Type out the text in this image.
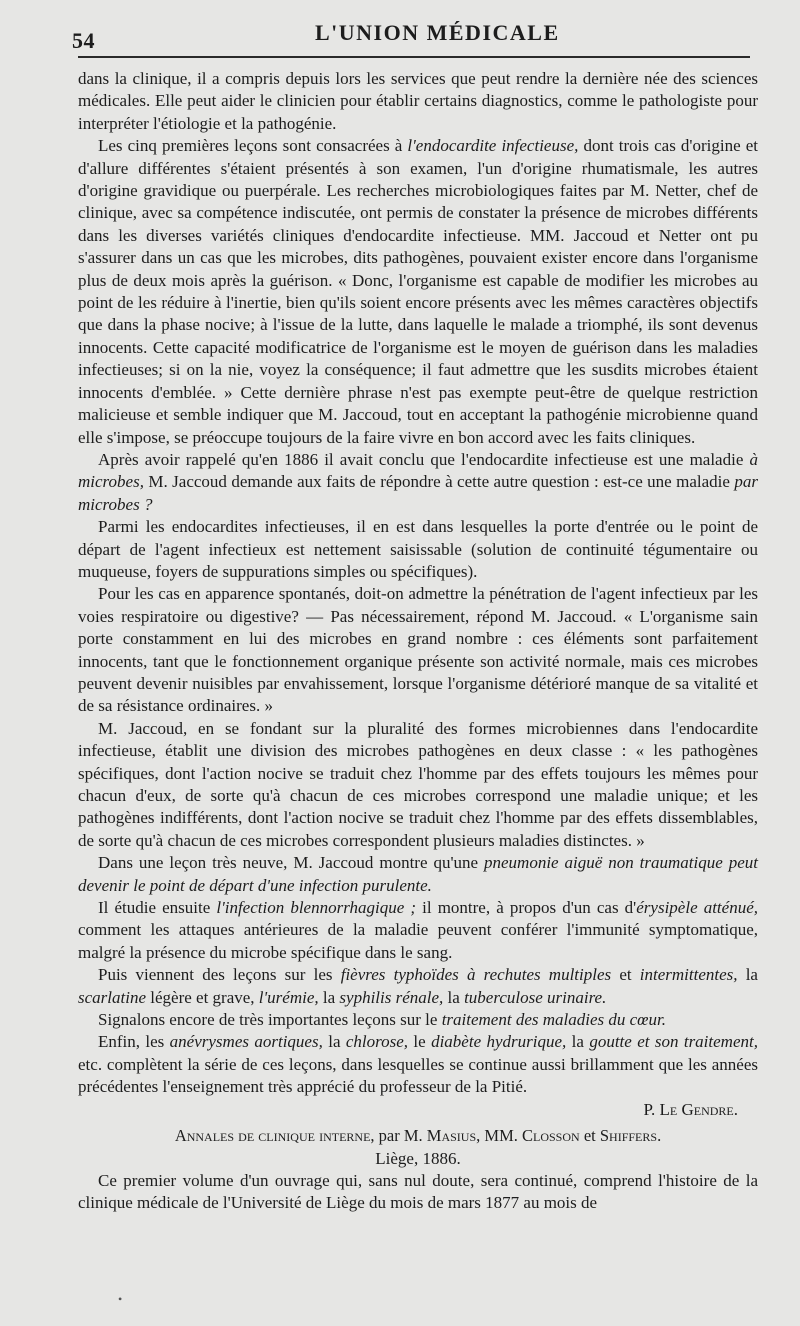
54	L'UNION MÉDICALE

dans la clinique, il a compris depuis lors les services que peut rendre la dernière née des sciences médicales. Elle peut aider le clinicien pour établir certains diagnostics, comme le pathologiste pour interpréter l'étiologie et la pathogénie.

Les cinq premières leçons sont consacrées à l'endocardite infectieuse, dont trois cas d'origine et d'allure différentes s'étaient présentés à son examen, l'un d'origine rhumatismale, les autres d'origine gravidique ou puerpérale. Les recherches microbiologiques faites par M. Netter, chef de clinique, avec sa compétence indiscutée, ont permis de constater la présence de microbes différents dans les diverses variétés cliniques d'endocardite infectieuse. MM. Jaccoud et Netter ont pu s'assurer dans un cas que les microbes, dits pathogènes, pouvaient exister encore dans l'organisme plus de deux mois après la guérison. « Donc, l'organisme est capable de modifier les microbes au point de les réduire à l'inertie, bien qu'ils soient encore présents avec les mêmes caractères objectifs que dans la phase nocive; à l'issue de la lutte, dans laquelle le malade a triomphé, ils sont devenus innocents. Cette capacité modificatrice de l'organisme est le moyen de guérison dans les maladies infectieuses; si on la nie, voyez la conséquence; il faut admettre que les susdits microbes étaient innocents d'emblée. » Cette dernière phrase n'est pas exempte peut-être de quelque restriction malicieuse et semble indiquer que M. Jaccoud, tout en acceptant la pathogénie microbienne quand elle s'impose, se préoccupe toujours de la faire vivre en bon accord avec les faits cliniques.

Après avoir rappelé qu'en 1886 il avait conclu que l'endocardite infectieuse est une maladie à microbes, M. Jaccoud demande aux faits de répondre à cette autre question : est-ce une maladie par microbes ?

Parmi les endocardites infectieuses, il en est dans lesquelles la porte d'entrée ou le point de départ de l'agent infectieux est nettement saisissable (solution de continuité tégumentaire ou muqueuse, foyers de suppurations simples ou spécifiques).

Pour les cas en apparence spontanés, doit-on admettre la pénétration de l'agent infectieux par les voies respiratoire ou digestive? — Pas nécessairement, répond M. Jaccoud. « L'organisme sain porte constamment en lui des microbes en grand nombre : ces éléments sont parfaitement innocents, tant que le fonctionnement organique présente son activité normale, mais ces microbes peuvent devenir nuisibles par envahissement, lorsque l'organisme détérioré manque de sa vitalité et de sa résistance ordinaires. »

M. Jaccoud, en se fondant sur la pluralité des formes microbiennes dans l'endocardite infectieuse, établit une division des microbes pathogènes en deux classe : « les pathogènes spécifiques, dont l'action nocive se traduit chez l'homme par des effets toujours les mêmes pour chacun d'eux, de sorte qu'à chacun de ces microbes correspond une maladie unique; et les pathogènes indifférents, dont l'action nocive se traduit chez l'homme par des effets dissemblables, de sorte qu'à chacun de ces microbes correspondent plusieurs maladies distinctes. »

Dans une leçon très neuve, M. Jaccoud montre qu'une pneumonie aiguë non traumatique peut devenir le point de départ d'une infection purulente.

Il étudie ensuite l'infection blennorrhagique ; il montre, à propos d'un cas d'érysipèle atténué, comment les attaques antérieures de la maladie peuvent conférer l'immunité symptomatique, malgré la présence du microbe spécifique dans le sang.

Puis viennent des leçons sur les fièvres typhoïdes à rechutes multiples et intermittentes, la scarlatine légère et grave, l'urémie, la syphilis rénale, la tuberculose urinaire.

Signalons encore de très importantes leçons sur le traitement des maladies du cœur.

Enfin, les anévrysmes aortiques, la chlorose, le diabète hydrurique, la goutte et son traitement, etc. complètent la série de ces leçons, dans lesquelles se continue aussi brillamment que les années précédentes l'enseignement très apprécié du professeur de la Pitié.

P. Le Gendre.

Annales de clinique interne, par M. Masius, MM. Closson et Shiffers.

Liège, 1886.

Ce premier volume d'un ouvrage qui, sans nul doute, sera continué, comprend l'histoire de la clinique médicale de l'Université de Liège du mois de mars 1877 au mois de

•
